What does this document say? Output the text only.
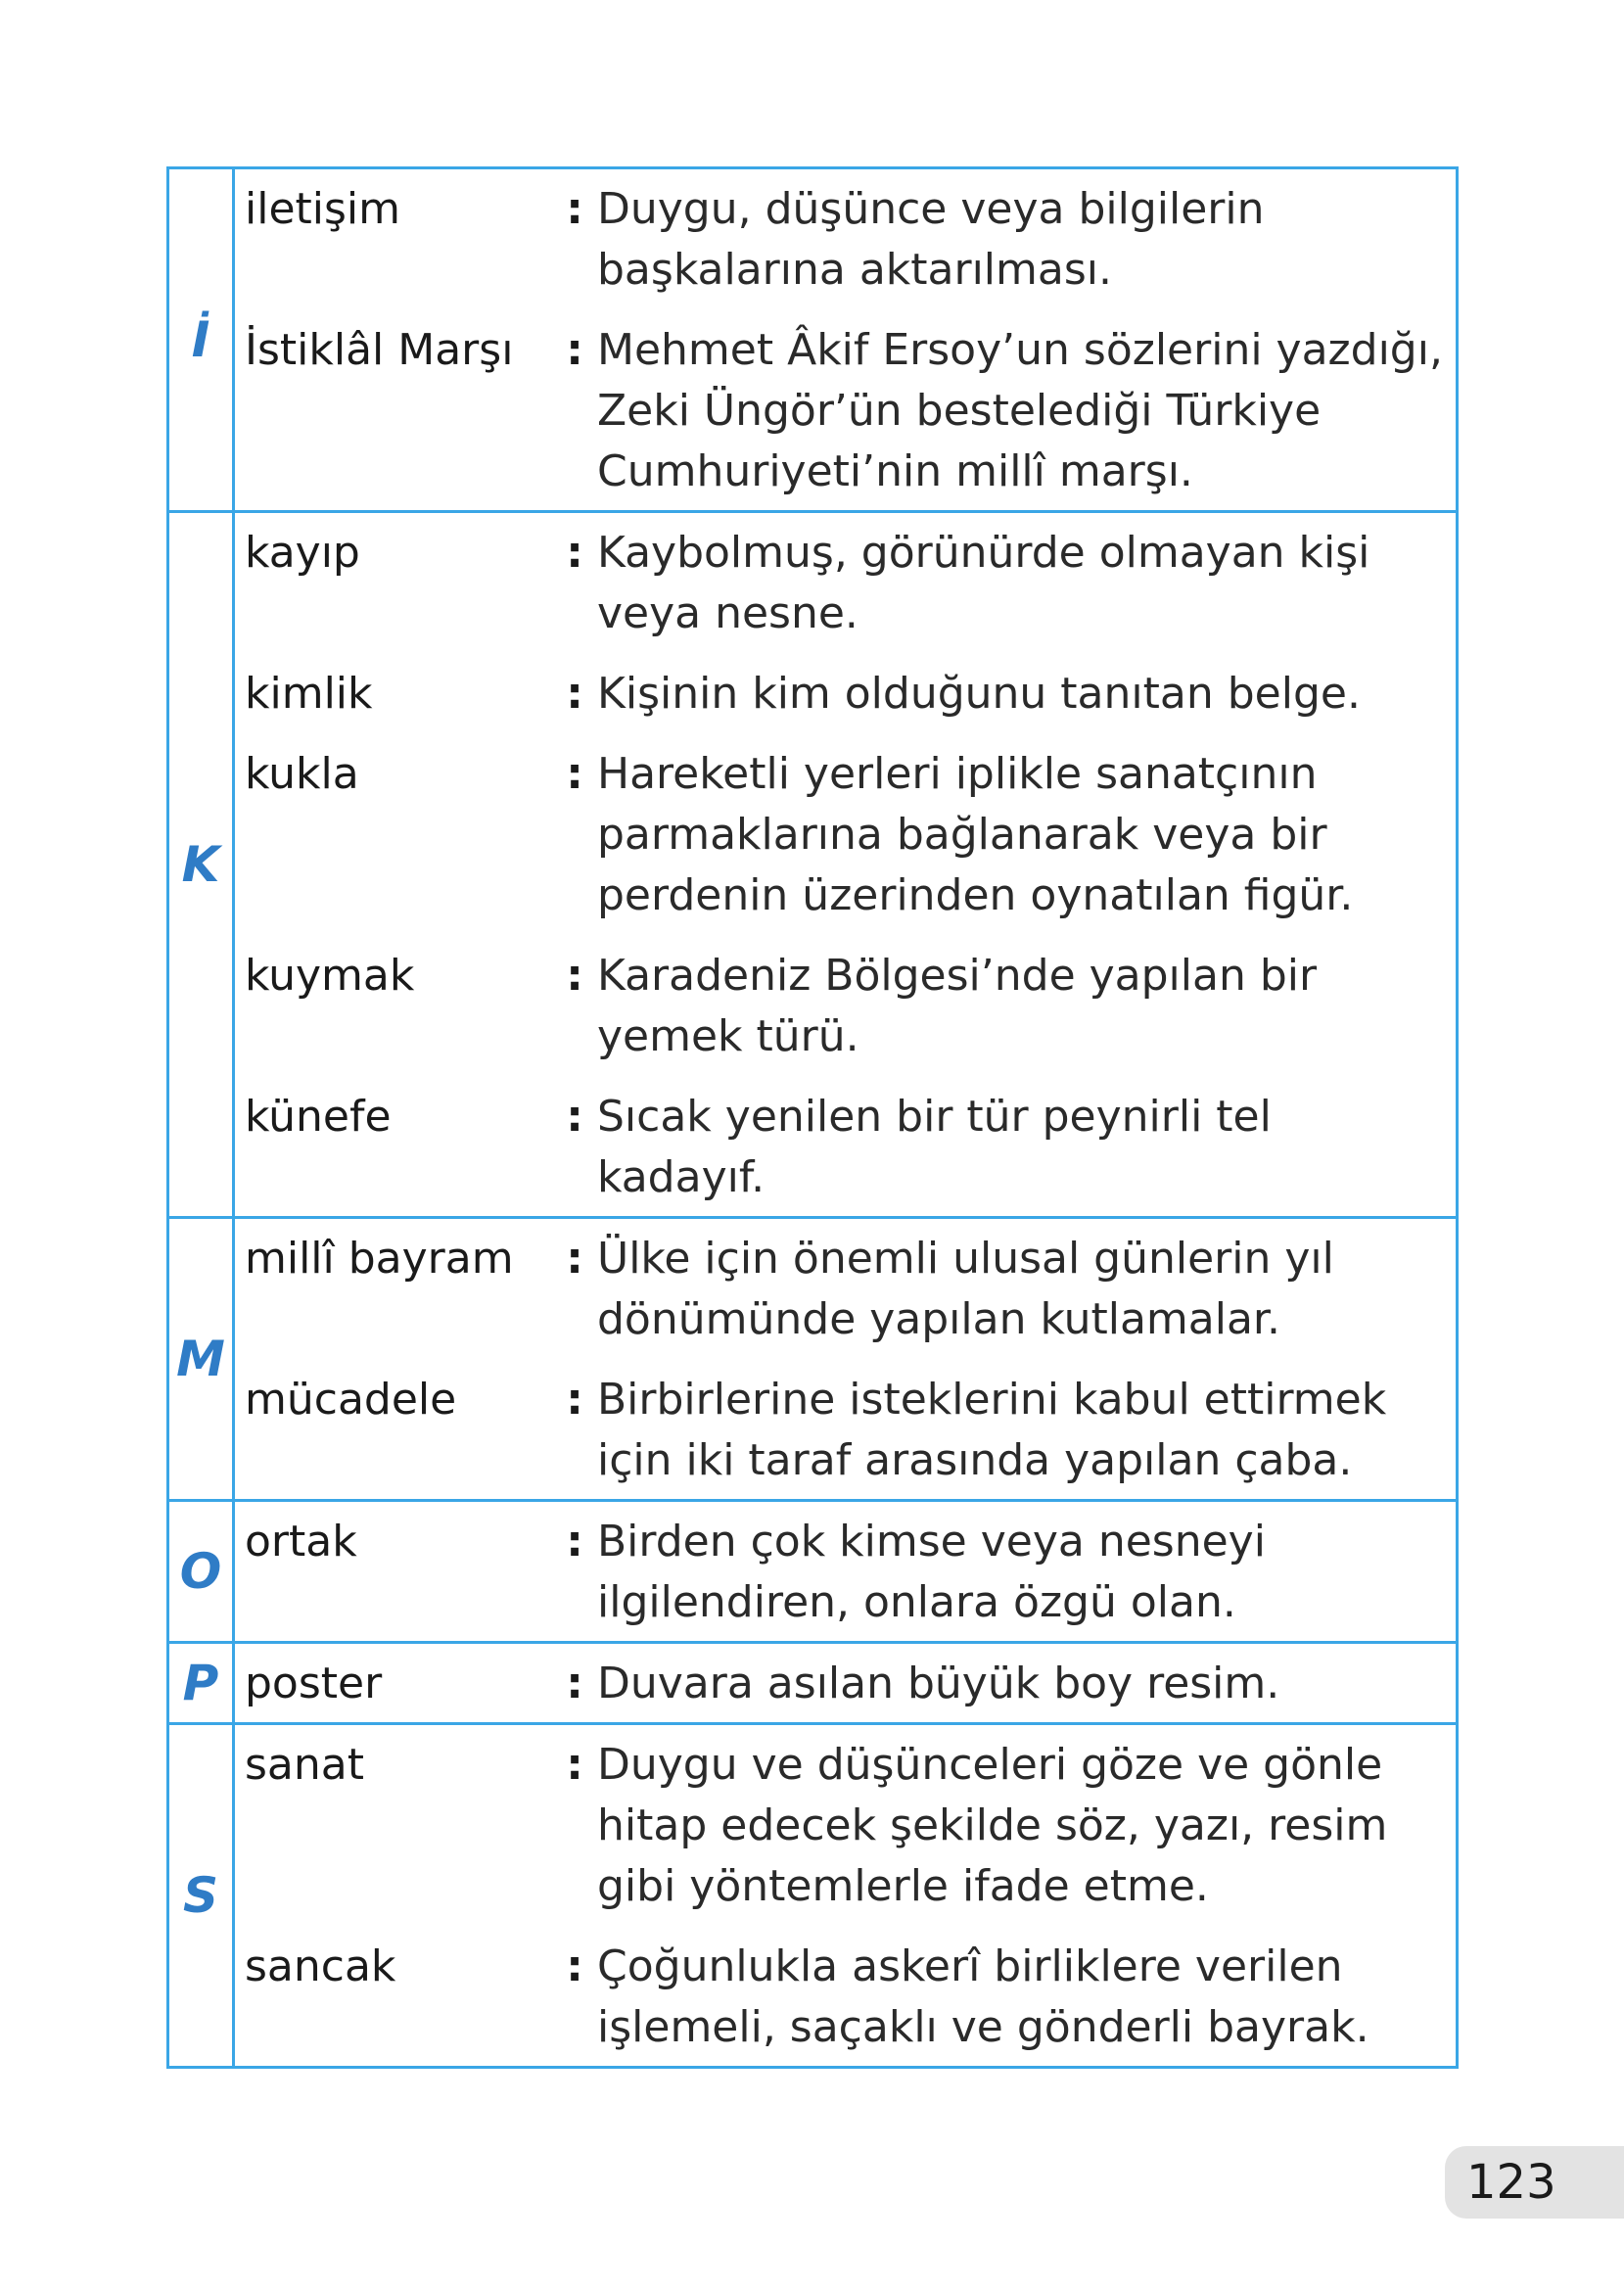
İ
iletişim	: Duygu, düşünce veya bilgilerin başkalarına aktarılması.
İstiklâl Marşı	: Mehmet Âkif Ersoy’un sözlerini yazdığı, Zeki Üngör’ün bestelediği Türkiye Cumhuriyeti’nin millî marşı.
K
kayıp	: Kaybolmuş, görünürde olmayan kişi veya nesne.
kimlik	: Kişinin kim olduğunu tanıtan belge.
kukla	: Hareketli yerleri iplikle sanatçının parmaklarına bağlanarak veya bir perdenin üzerinden oynatılan figür.
kuymak	: Karadeniz Bölgesi’nde yapılan bir yemek türü.
künefe	: Sıcak yenilen bir tür peynirli tel kadayıf.
M
millî bayram	: Ülke için önemli ulusal günlerin yıl dönümünde yapılan kutlamalar.
mücadele	: Birbirlerine isteklerini kabul ettirmek için iki taraf arasında yapılan çaba.
O
ortak	: Birden çok kimse veya nesneyi ilgilendiren, onlara özgü olan.
P poster	: Duvara asılan büyük boy resim.
S
sanat	: Duygu ve düşünceleri göze ve gönle hitap edecek şekilde söz, yazı, resim gibi yöntemlerle ifade etme.
sancak	: Çoğunlukla askerî birliklere verilen işlemeli, saçaklı ve gönderli bayrak.
123
